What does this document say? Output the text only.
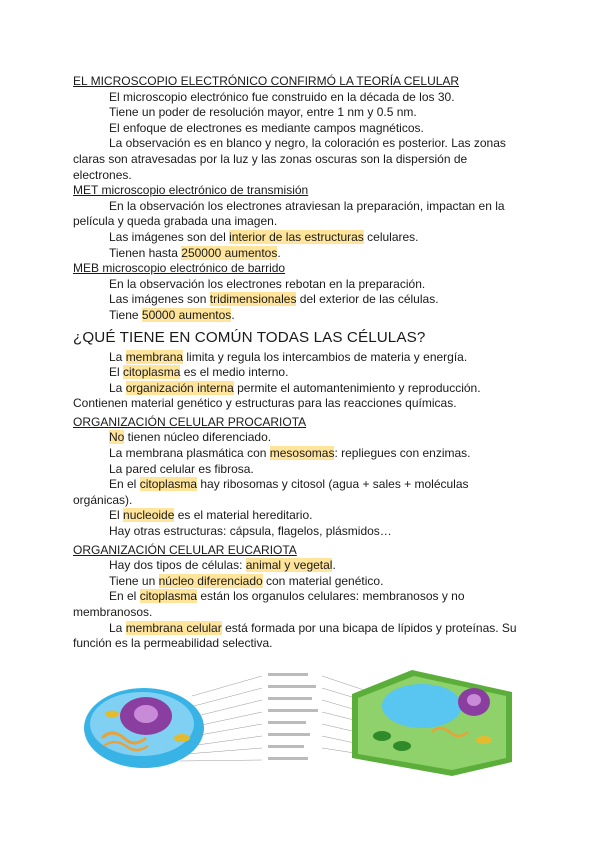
EL MICROSCOPIO ELECTRÓNICO CONFIRMÓ LA TEORÍA CELULAR
El microscopio electrónico fue construido en la década de los 30.
Tiene un poder de resolución mayor, entre 1 nm y 0.5 nm.
El enfoque de electrones es mediante campos magnéticos.
La observación es en blanco y negro, la coloración es posterior. Las zonas claras son atravesadas por la luz y las zonas oscuras son la dispersión de electrones.
MET microscopio electrónico de transmisión
En la observación los electrones atraviesan la preparación, impactan en la película y queda grabada una imagen.
Las imágenes son del interior de las estructuras celulares.
Tienen hasta 250000 aumentos.
MEB microscopio electrónico de barrido
En la observación los electrones rebotan en la preparación.
Las imágenes son tridimensionales del exterior de las células.
Tiene 50000 aumentos.
¿QUÉ TIENE EN COMÚN TODAS LAS CÉLULAS?
La membrana limita y regula los intercambios de materia y energía.
El citoplasma es el medio interno.
La organización interna permite el automantenimiento y reproducción.
Contienen material genético y estructuras para las reacciones químicas.
ORGANIZACIÓN CELULAR PROCARIOTA
No tienen núcleo diferenciado.
La membrana plasmática con mesosomas: repliegues con enzimas.
La pared celular es fibrosa.
En el citoplasma hay ribosomas y citosol (agua + sales + moléculas orgánicas).
El nucleoide es el material hereditario.
Hay otras estructuras: cápsula, flagelos, plásmidos…
ORGANIZACIÓN CELULAR EUCARIOTA
Hay dos tipos de células: animal y vegetal.
Tiene un núcleo diferenciado con material genético.
En el citoplasma están los organulos celulares: membranosos y no membranosos.
La membrana celular está formada por una bicapa de lípidos y proteínas. Su función es la permeabilidad selectiva.
